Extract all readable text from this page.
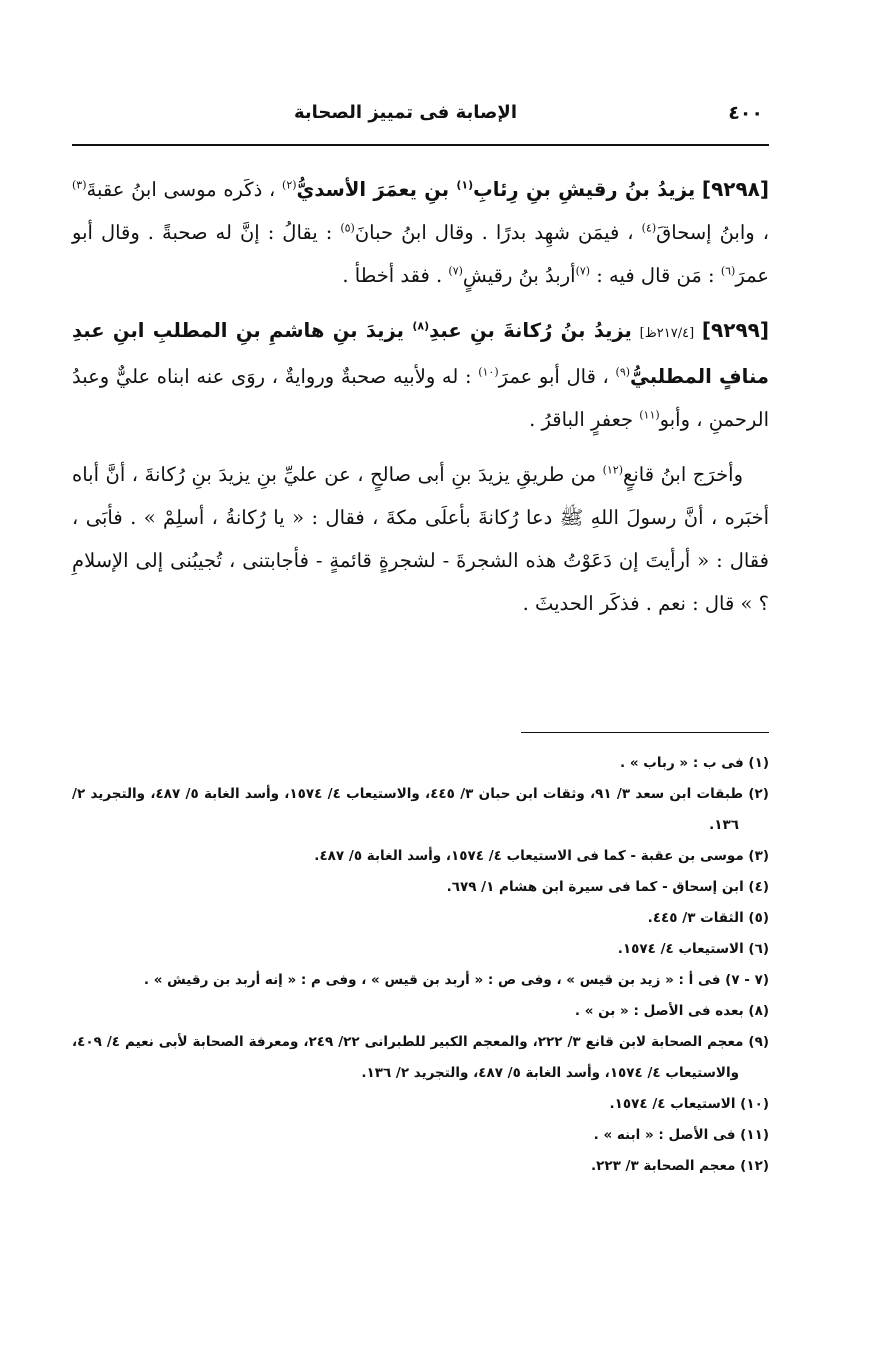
٤٠٠
الإصابة فى تمييز الصحابة

[٩٢٩٨] يزيدُ بنُ رقيشِ بنِ رِئابِ$^{(١)}$ بنِ يعمَرَ الأسديُّ$^{(٢)}$ ، ذكَره موسى ابنُ عقبةَ$^{(٣)}$ ، وابنُ إسحاقَ$^{(٤)}$ ، فيمَن شهِد بدرًا . وقال ابنُ حبانَ$^{(٥)}$ : يقالُ : إنَّ له صحبةً . وقال أبو عمرَ$^{(٦)}$ : مَن قال فيه : $^{(٧)}$أربدُ بنُ رقيشٍ$^{(٧)}$ . فقد أخطأ .

[٩٢٩٩] [٢١٧/٤ظ] يزيدُ بنُ رُكانةَ بنِ عبدِ$^{(٨)}$ يزيدَ بنِ هاشمِ بنِ المطلبِ ابنِ عبدِ منافٍ المطلبيُّ$^{(٩)}$ ، قال أبو عمرَ$^{(١٠)}$ : له ولأبيه صحبةٌ وروايةٌ ، روَى عنه ابناه عليٌّ وعبدُ الرحمنِ ، وأبو$^{(١١)}$ جعفرٍ الباقرُ .

وأخرَج ابنُ قانعٍ$^{(١٢)}$ من طريقِ يزيدَ بنِ أبى صالحٍ ، عن عليِّ بنِ يزيدَ بنِ رُكانةَ ، أنَّ أباه أخبَره ، أنَّ رسولَ اللهِ ﷺ دعا رُكانةَ بأعلَى مكةَ ، فقال : « يا رُكانةُ ، أسلِمْ » . فأبَى ، فقال : « أرأيتَ إن دَعَوْتُ هذه الشجرةَ - لشجرةٍ قائمةٍ - فأجابتنى ، تُجيبُنى إلى الإسلامِ ؟ » قال : نعم . فذكَر الحديثَ .

(١) فى ب : « رباب » .
(٢) طبقات ابن سعد ٣/ ٩١، وثقات ابن حبان ٣/ ٤٤٥، والاستيعاب ٤/ ١٥٧٤، وأسد الغابة ٥/ ٤٨٧، والتجريد ٢/ ١٣٦.
(٣) موسى بن عقبة - كما فى الاستيعاب ٤/ ١٥٧٤، وأسد الغابة ٥/ ٤٨٧.
(٤) ابن إسحاق - كما فى سيرة ابن هشام ١/ ٦٧٩.
(٥) الثقات ٣/ ٤٤٥.
(٦) الاستيعاب ٤/ ١٥٧٤.
(٧ - ٧) فى أ : « زيد بن قيس » ، وفى ص : « أربد بن قيس » ، وفى م : « إنه أربد بن رقيش » .
(٨) بعده فى الأصل : « بن » .
(٩) معجم الصحابة لابن قانع ٣/ ٢٢٢، والمعجم الكبير للطبرانى ٢٢/ ٢٤٩، ومعرفة الصحابة لأبى نعيم ٤/ ٤٠٩، والاستيعاب ٤/ ١٥٧٤، وأسد الغابة ٥/ ٤٨٧، والتجريد ٢/ ١٣٦.
(١٠) الاستيعاب ٤/ ١٥٧٤.
(١١) فى الأصل : « ابنه » .
(١٢) معجم الصحابة ٣/ ٢٢٣.
